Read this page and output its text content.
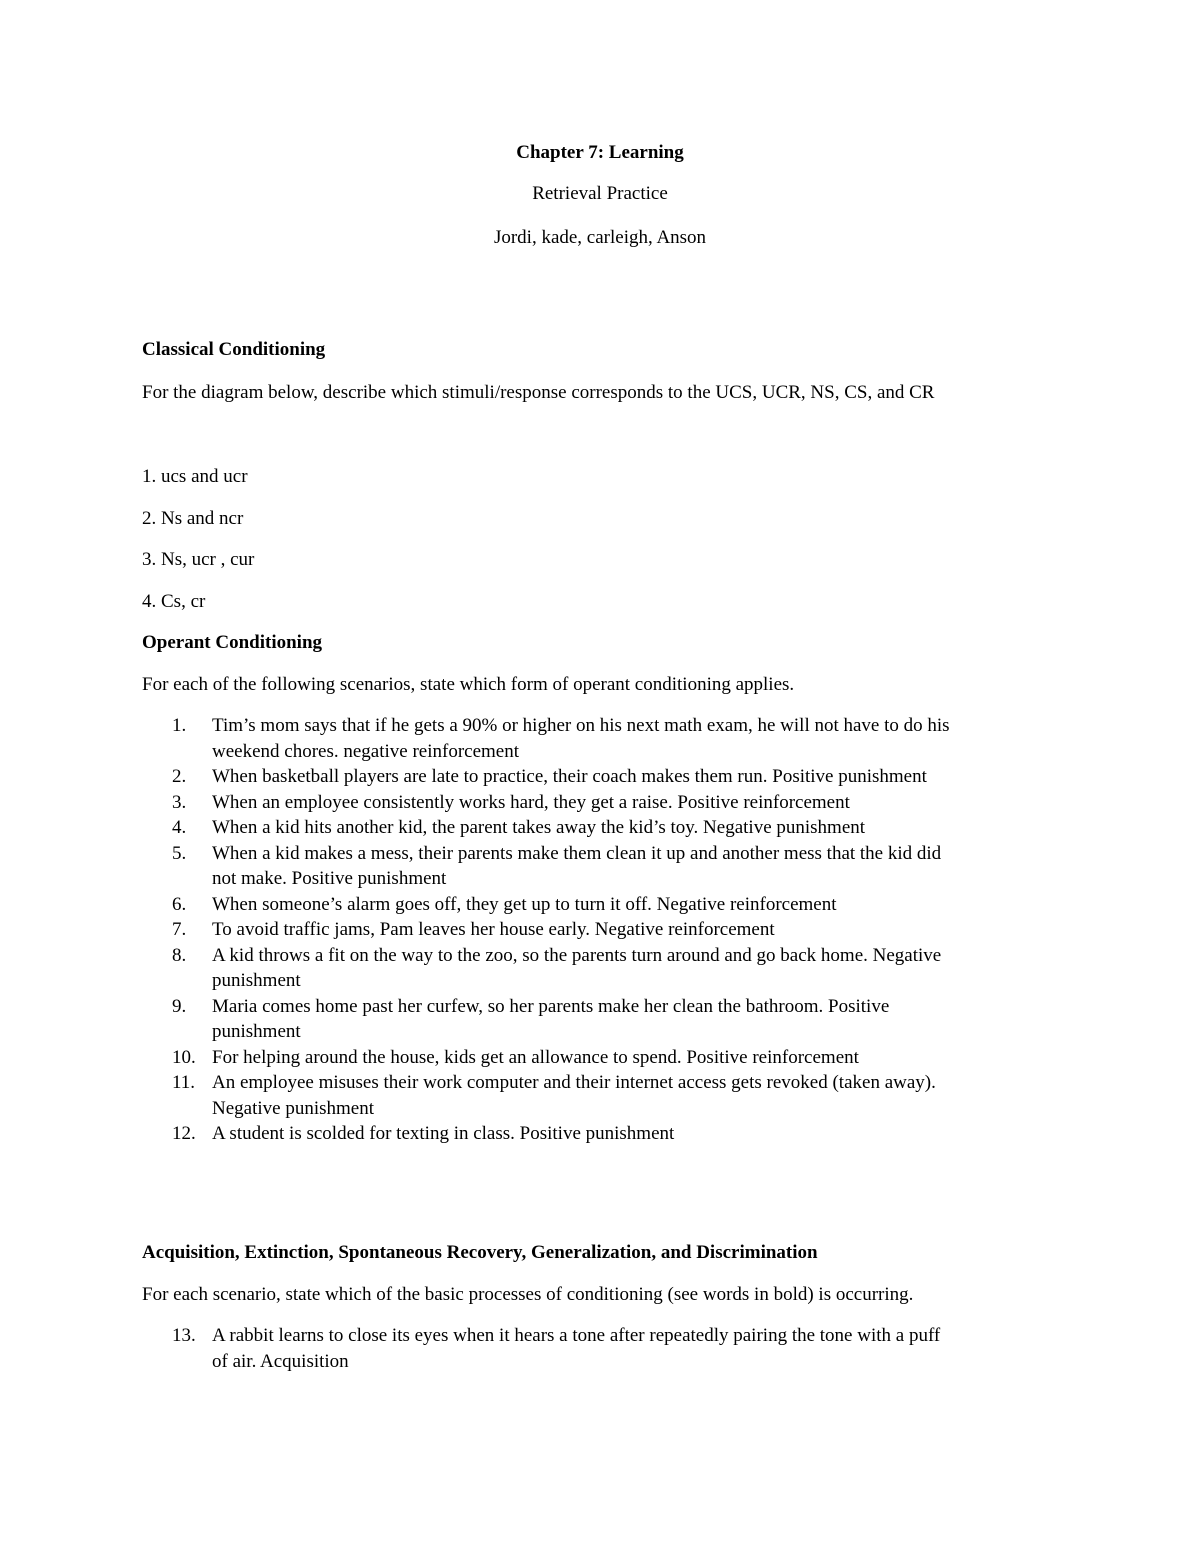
Chapter 7: Learning

Retrieval Practice

Jordi, kade, carleigh, Anson

Classical Conditioning

For the diagram below, describe which stimuli/response corresponds to the UCS, UCR, NS, CS, and CR

1. ucs and ucr

2. Ns and ncr

3. Ns, ucr , cur

4. Cs, cr

Operant Conditioning

For each of the following scenarios, state which form of operant conditioning applies.

1.	Tim’s mom says that if he gets a 90% or higher on his next math exam, he will not have to do his
weekend chores. negative reinforcement
2.	When basketball players are late to practice, their coach makes them run. Positive punishment
3.	When an employee consistently works hard, they get a raise. Positive reinforcement
4.	When a kid hits another kid, the parent takes away the kid’s toy. Negative punishment
5.	When a kid makes a mess, their parents make them clean it up and another mess that the kid did
not make. Positive punishment
6.	When someone’s alarm goes off, they get up to turn it off. Negative reinforcement
7.	To avoid traffic jams, Pam leaves her house early. Negative reinforcement
8.	A kid throws a fit on the way to the zoo, so the parents turn around and go back home. Negative
punishment
9.	Maria comes home past her curfew, so her parents make her clean the bathroom. Positive
punishment
10. For helping around the house, kids get an allowance to spend. Positive reinforcement
11. An employee misuses their work computer and their internet access gets revoked (taken away).
Negative punishment
12. A student is scolded for texting in class. Positive punishment

Acquisition, Extinction, Spontaneous Recovery, Generalization, and Discrimination

For each scenario, state which of the basic processes of conditioning (see words in bold) is occurring.

13. A rabbit learns to close its eyes when it hears a tone after repeatedly pairing the tone with a puff
of air. Acquisition
